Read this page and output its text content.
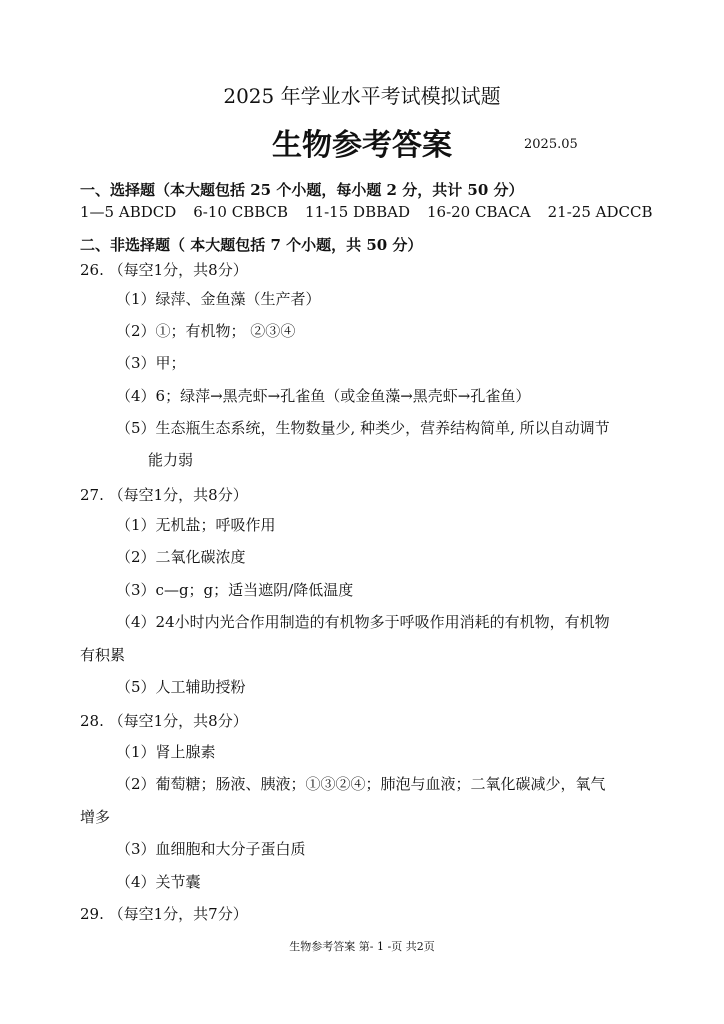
2025 年学业水平考试模拟试题
生物参考答案	2025.05
一、选择题（本大题包括 25 个小题，每小题 2 分，共计 50 分）
1—5 ABDCD 6-10 CBBCB 11-15 DBBAD 16-20 CBACA 21-25 ADCCB
二、非选择题（ 本大题包括 7 个小题，共 50 分）
26. （每空1分，共8分）
（1）绿萍、金鱼藻（生产者）
（2）①；有机物； ②③④
（3）甲；
（4）6；绿萍→黑壳虾→孔雀鱼（或金鱼藻→黑壳虾→孔雀鱼）
（5）生态瓶生态系统，生物数量少, 种类少，营养结构简单, 所以自动调节
能力弱
27. （每空1分，共8分）
（1）无机盐；呼吸作用
（2）二氧化碳浓度
（3）c—g；g；适当遮阴/降低温度
（4）24小时内光合作用制造的有机物多于呼吸作用消耗的有机物，有机物
有积累
（5）人工辅助授粉
28. （每空1分，共8分）
（1）肾上腺素
（2）葡萄糖；肠液、胰液；①③②④；肺泡与血液；二氧化碳减少，氧气
增多
（3）血细胞和大分子蛋白质
（4）关节囊
29. （每空1分，共7分）
生物参考答案 第- 1 -页 共2页
